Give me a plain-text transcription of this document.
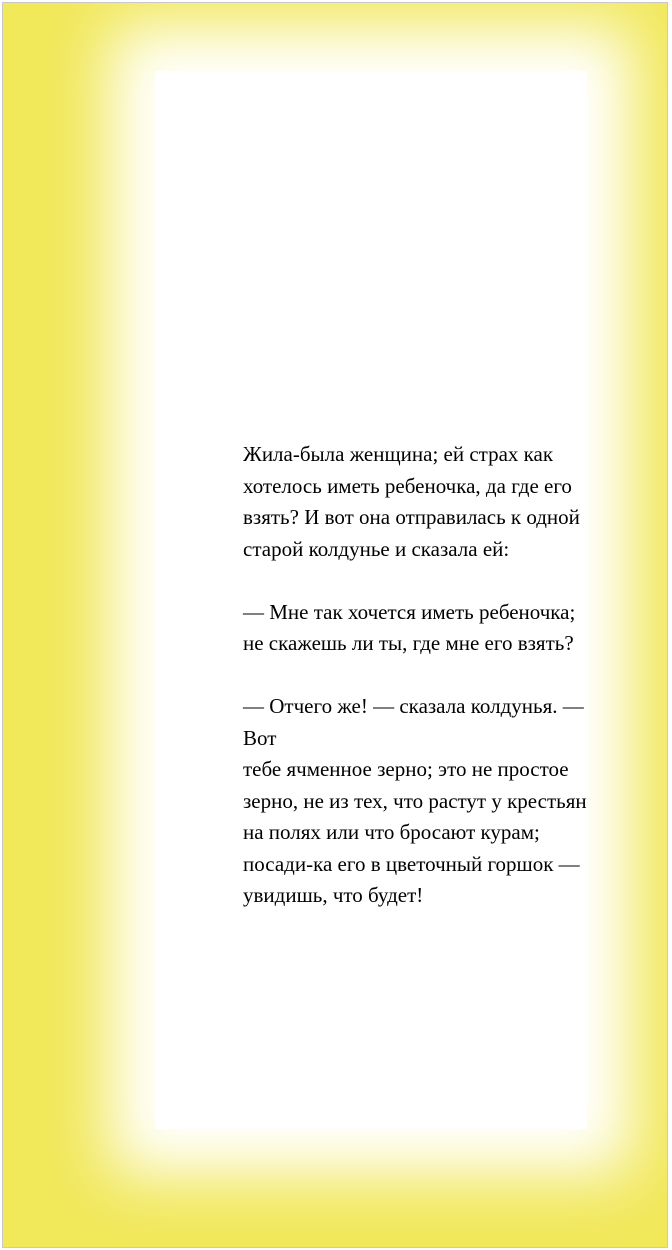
Жила-была женщина; ей страх как
хотелось иметь ребеночка, да где его
взять? И вот она отправилась к одной
старой колдунье и сказала ей:

— Мне так хочется иметь ребеночка;
не скажешь ли ты, где мне его взять?

— Отчего же! — сказала колдунья. — Вот
тебе ячменное зерно; это не простое
зерно, не из тех, что растут у крестьян
на полях или что бросают курам;
посади-ка его в цветочный горшок —
увидишь, что будет!
